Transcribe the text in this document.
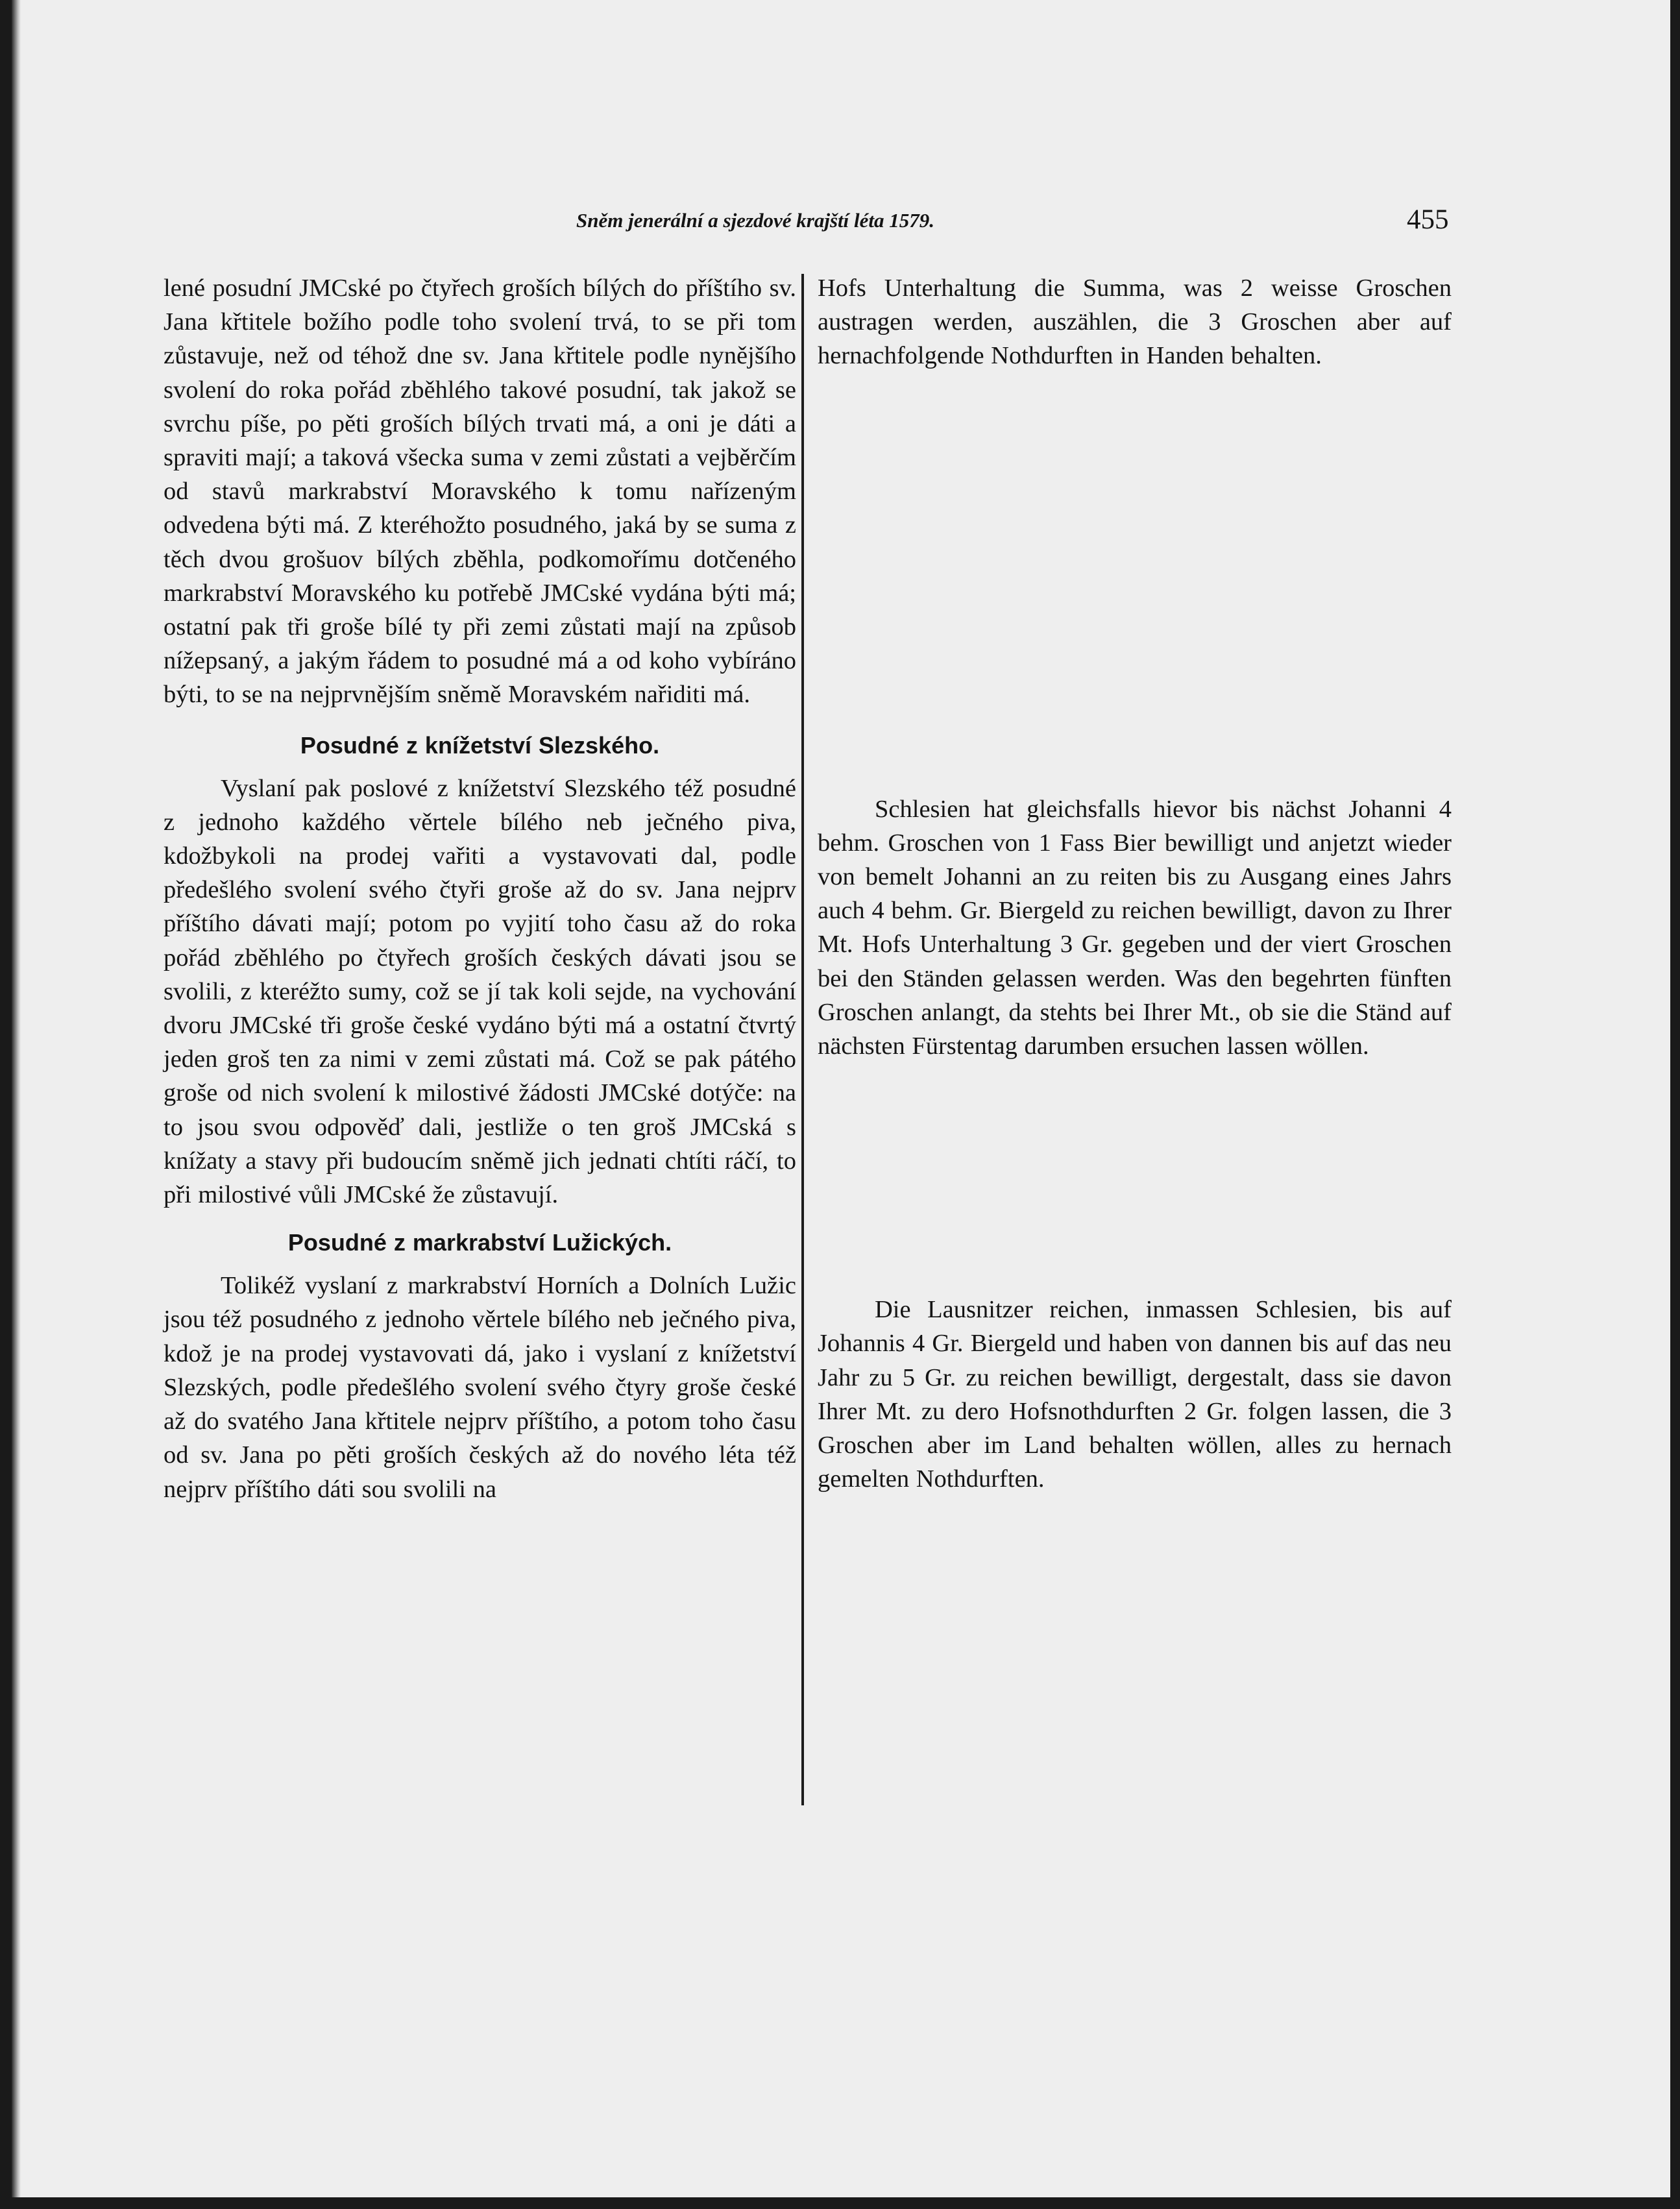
Sněm jenerální a sjezdové krajští léta 1579.	455

lené posudní JMCské po čtyřech groších bílých do příštího sv. Jana křtitele božího podle toho svolení trvá, to se při tom zůstavuje, než od téhož dne sv. Jana křtitele podle nynějšího svolení do roka pořád zběhlého takové posudní, tak jakož se svrchu píše, po pěti groších bílých trvati má, a oni je dáti a spraviti mají; a taková všecka suma v zemi zůstati a vejběrčím od stavů markrabství Moravského k tomu nařízeným odvedena býti má. Z kteréhožto posudného, jaká by se suma z těch dvou grošuov bílých zběhla, podkomořímu dotčeného markrabství Moravského ku potřebě JMCské vydána býti má; ostatní pak tři groše bílé ty při zemi zůstati mají na způsob nížepsaný, a jakým řádem to posudné má a od koho vybíráno býti, to se na nejprvnějším sněmě Moravském nařiditi má.

Posudné z knížetství Slezského.

Vyslaní pak poslové z knížetství Slezského též posudné z jednoho každého věrtele bílého neb ječného piva, kdožbykoli na prodej vařiti a vystavovati dal, podle předešlého svolení svého čtyři groše až do sv. Jana nejprv příštího dávati mají; potom po vyjití toho času až do roka pořád zběhlého po čtyřech groších českých dávati jsou se svolili, z kteréžto sumy, což se jí tak koli sejde, na vychování dvoru JMCské tři groše české vydáno býti má a ostatní čtvrtý jeden groš ten za nimi v zemi zůstati má. Což se pak pátého groše od nich svolení k milostivé žádosti JMCské dotýče: na to jsou svou odpověď dali, jestliže o ten groš JMCská s knížaty a stavy při budoucím sněmě jich jednati chtíti ráčí, to při milostivé vůli JMCské že zůstavují.

Posudné z markrabství Lužických.

Tolikéž vyslaní z markrabství Horních a Dolních Lužic jsou též posudného z jednoho věrtele bílého neb ječného piva, kdož je na prodej vystavovati dá, jako i vyslaní z knížetství Slezských, podle předešlého svolení svého čtyry groše české až do svatého Jana křtitele nejprv příštího, a potom toho času od sv. Jana po pěti groších českých až do nového léta též nejprv příštího dáti sou svolili na

Hofs Unterhaltung die Summa, was 2 weisse Groschen austragen werden, auszählen, die 3 Groschen aber auf hernachfolgende Nothdurften in Handen behalten.

Schlesien hat gleichsfalls hievor bis nächst Johanni 4 behm. Groschen von 1 Fass Bier bewilligt und anjetzt wieder von bemelt Johanni an zu reiten bis zu Ausgang eines Jahrs auch 4 behm. Gr. Biergeld zu reichen bewilligt, davon zu Ihrer Mt. Hofs Unterhaltung 3 Gr. gegeben und der viert Groschen bei den Ständen gelassen werden. Was den begehrten fünften Groschen anlangt, da stehts bei Ihrer Mt., ob sie die Ständ auf nächsten Fürstentag darumben ersuchen lassen wöllen.

Die Lausnitzer reichen, inmassen Schlesien, bis auf Johannis 4 Gr. Biergeld und haben von dannen bis auf das neu Jahr zu 5 Gr. zu reichen bewilligt, dergestalt, dass sie davon Ihrer Mt. zu dero Hofsnothdurften 2 Gr. folgen lassen, die 3 Groschen aber im Land behalten wöllen, alles zu hernach gemelten Nothdurften.
